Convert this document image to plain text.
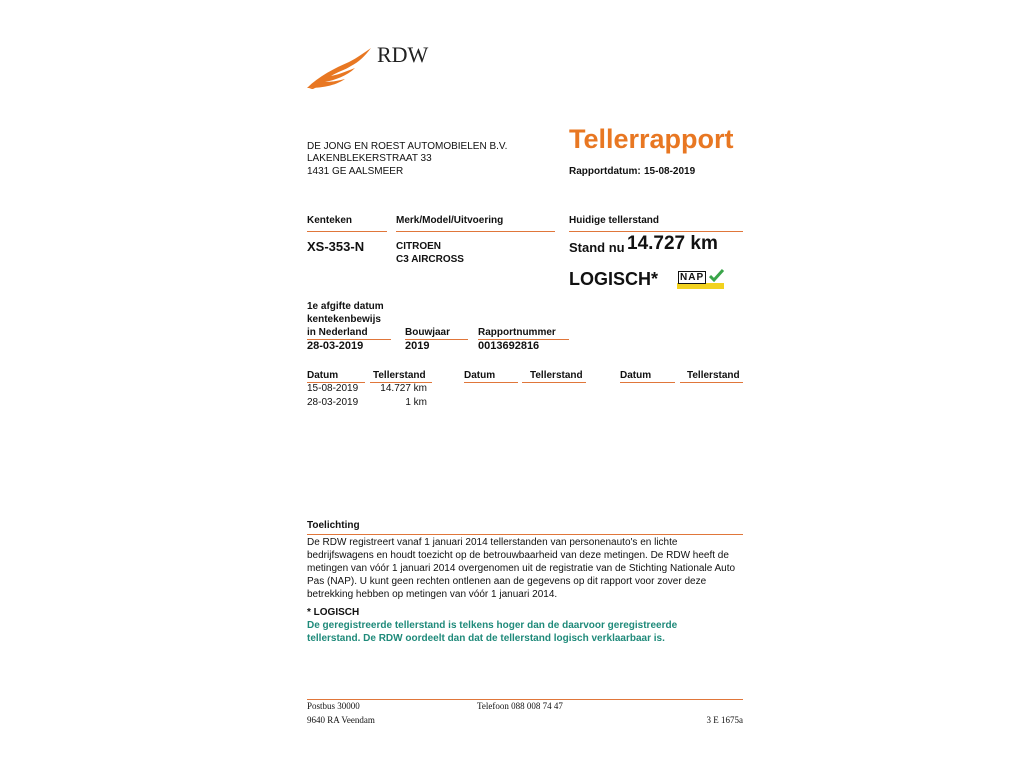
RDW
DE JONG EN ROEST AUTOMOBIELEN B.V.
LAKENBLEKERSTRAAT 33
1431 GE AALSMEER
Tellerrapport
Rapportdatum: 15-08-2019
Kenteken	Merk/Model/Uitvoering	Huidige tellerstand
XS-353-N	CITROEN
C3 AIRCROSS
Stand nu 14.727 km
LOGISCH* NAP
1e afgifte datum
kentekenbewijs
in Nederland	Bouwjaar	Rapportnummer
28-03-2019	2019	0013692816
Datum	Tellerstand	Datum	Tellerstand	Datum	Tellerstand
15-08-2019	14.727 km
28-03-2019	1 km
Toelichting
De RDW registreert vanaf 1 januari 2014 tellerstanden van personenauto's en lichte
bedrijfswagens en houdt toezicht op de betrouwbaarheid van deze metingen. De RDW heeft de
metingen van vóór 1 januari 2014 overgenomen uit de registratie van de Stichting Nationale Auto
Pas (NAP). U kunt geen rechten ontlenen aan de gegevens op dit rapport voor zover deze
betrekking hebben op metingen van vóór 1 januari 2014.
* LOGISCH
De geregistreerde tellerstand is telkens hoger dan de daarvoor geregistreerde
tellerstand. De RDW oordeelt dan dat de tellerstand logisch verklaarbaar is.
Postbus 30000
9640 RA Veendam
Telefoon 088 008 74 47
3 E 1675a
